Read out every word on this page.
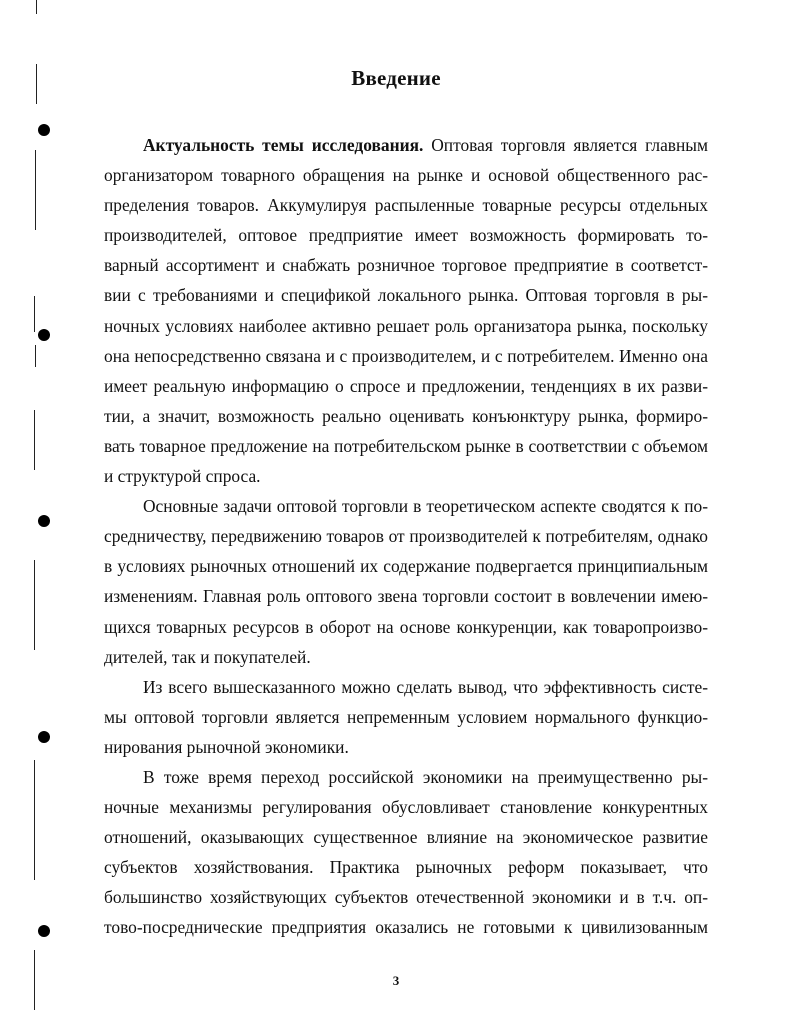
Введение
Актуальность темы исследования. Оптовая торговля является главным
организатором товарного обращения на рынке и основой общественного рас-
пределения товаров. Аккумулируя распыленные товарные ресурсы отдельных
производителей, оптовое предприятие имеет возможность формировать то-
варный ассортимент и снабжать розничное торговое предприятие в соответст-
вии с требованиями и спецификой локального рынка. Оптовая торговля в ры-
ночных условиях наиболее активно решает роль организатора рынка, поскольку
она непосредственно связана и с производителем, и с потребителем. Именно она
имеет реальную информацию о спросе и предложении, тенденциях в их разви-
тии, а значит, возможность реально оценивать конъюнктуру рынка, формиро-
вать товарное предложение на потребительском рынке в соответствии с объемом
и структурой спроса.
Основные задачи оптовой торговли в теоретическом аспекте сводятся к по-
средничеству, передвижению товаров от производителей к потребителям, однако
в условиях рыночных отношений их содержание подвергается принципиальным
изменениям. Главная роль оптового звена торговли состоит в вовлечении имею-
щихся товарных ресурсов в оборот на основе конкуренции, как товаропроизво-
дителей, так и покупателей.
Из всего вышесказанного можно сделать вывод, что эффективность систе-
мы оптовой торговли является непременным условием нормального функцио-
нирования рыночной экономики.
В тоже время переход российской экономики на преимущественно ры-
ночные механизмы регулирования обусловливает становление конкурентных
отношений, оказывающих существенное влияние на экономическое развитие
субъектов хозяйствования. Практика рыночных реформ показывает, что
большинство хозяйствующих субъектов отечественной экономики и в т.ч. оп-
тово-посреднические предприятия оказались не готовыми к цивилизованным
3
